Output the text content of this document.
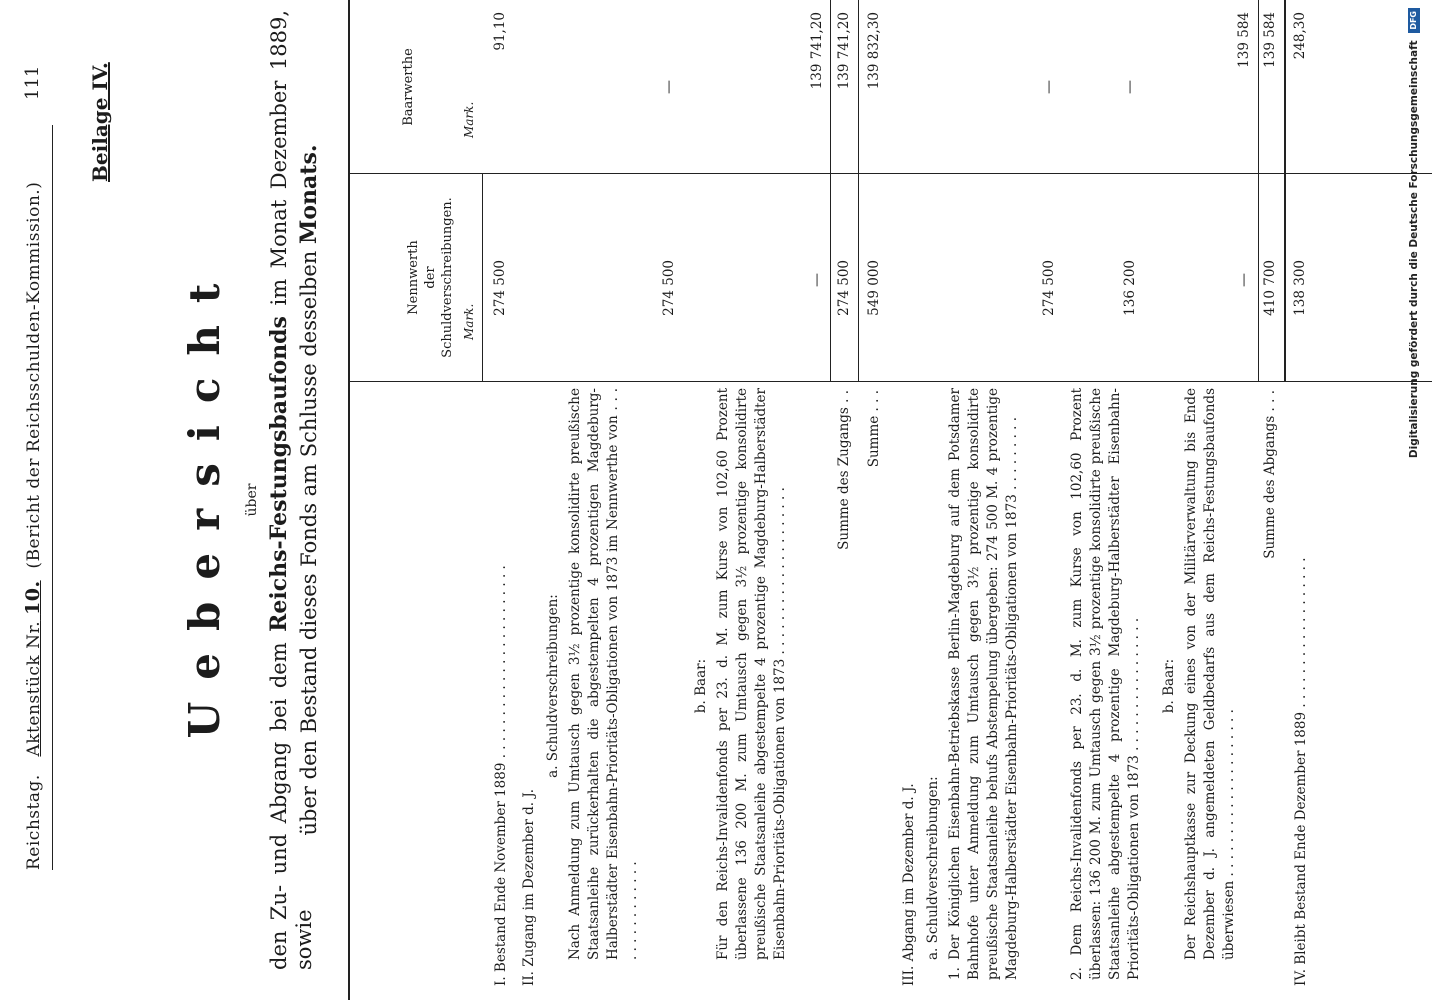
Reichstag.   Aktenstück Nr. 10.  (Bericht der Reichsschulden-Kommission.)
111 Beilage IV.
Uebersicht über
den Zu- und Abgang bei dem Reichs-Festungsbaufonds im Monat Dezember 1889, sowie
über den Bestand dieses Fonds am Schlusse desselben Monats.
Nennwerth der Schuldverschreibungen. Mark.
Baarwerthe	Mark.
I. Bestand Ende November 1889 . . . . . . . . . . . . . . . . . . . . . . .
274 500
91,10
II. Zugang im Dezember d. J.
a. Schuldverschreibungen: Nach Anmeldung zum Umtausch gegen 3½ prozentige konsolidirte preußische Staatsanleihe zurückerhalten die abgestempelten 4 prozentigen Magdeburg-Halberstädter Eisenbahn-Prioritäts-Obligationen von 1873 im Nennwerthe von . . . . . . . . . . . . . . .
274 500
—
b. Baar: Für den Reichs-Invalidenfonds per 23. d. M. zum Kurse von 102,60 Prozent überlassene 136 200 M. zum Umtausch gegen 3½ prozentige konsolidirte preußische Staatsanleihe abgestempelte 4 prozentige Magdeburg-Halberstädter Eisenbahn-Prioritäts-Obligationen von 1873 . . . . . . . . . . . . . . . . . . . .
—
139 741,20
Summe des Zugangs . .
274 500
139 741,20
Summe . . .
549 000
139 832,30
III. Abgang im Dezember d. J. a. Schuldverschreibungen: 1. Der Königlichen Eisenbahn-Betriebskasse Berlin-Magdeburg auf dem Potsdamer Bahnhofe unter Anmeldung zum Umtausch gegen 3½ prozentige konsolidirte preußische Staatsanleihe behufs Abstempelung übergeben: 274 500 M. 4 prozentige Magdeburg-Halberstädter Eisenbahn-Prioritäts-Obligationen von 1873 . . . . . . . . .
274 500
—
2. Dem Reichs-Invalidenfonds per 23. d. M. zum Kurse von 102,60 Prozent überlassen: 136 200 M. zum Umtausch gegen 3½ prozentige konsolidirte preußische Staatsanleihe abgestempelte 4 prozentige Magdeburg-Halberstädter Eisenbahn-Prioritäts-Obligationen von 1873 . . . . . . . . . . . . . . . .
136 200
—
b. Baar: Der Reichshauptkasse zur Deckung eines von der Militärverwaltung bis Ende Dezember d. J. angemeldeten Geldbedarfs aus dem Reichs-Festungsbaufonds überwiesen . . . . . . . . . . . . . . . . . . . .
—
139 584
Summe des Abgangs . . .
410 700
139 584
IV. Bleibt Bestand Ende Dezember 1889 . . . . . . . . . . . . . . . . . .
138 300
248,30
Digitalisierung gefördert durch die Deutsche Forschungsgemeinschaft DFG
